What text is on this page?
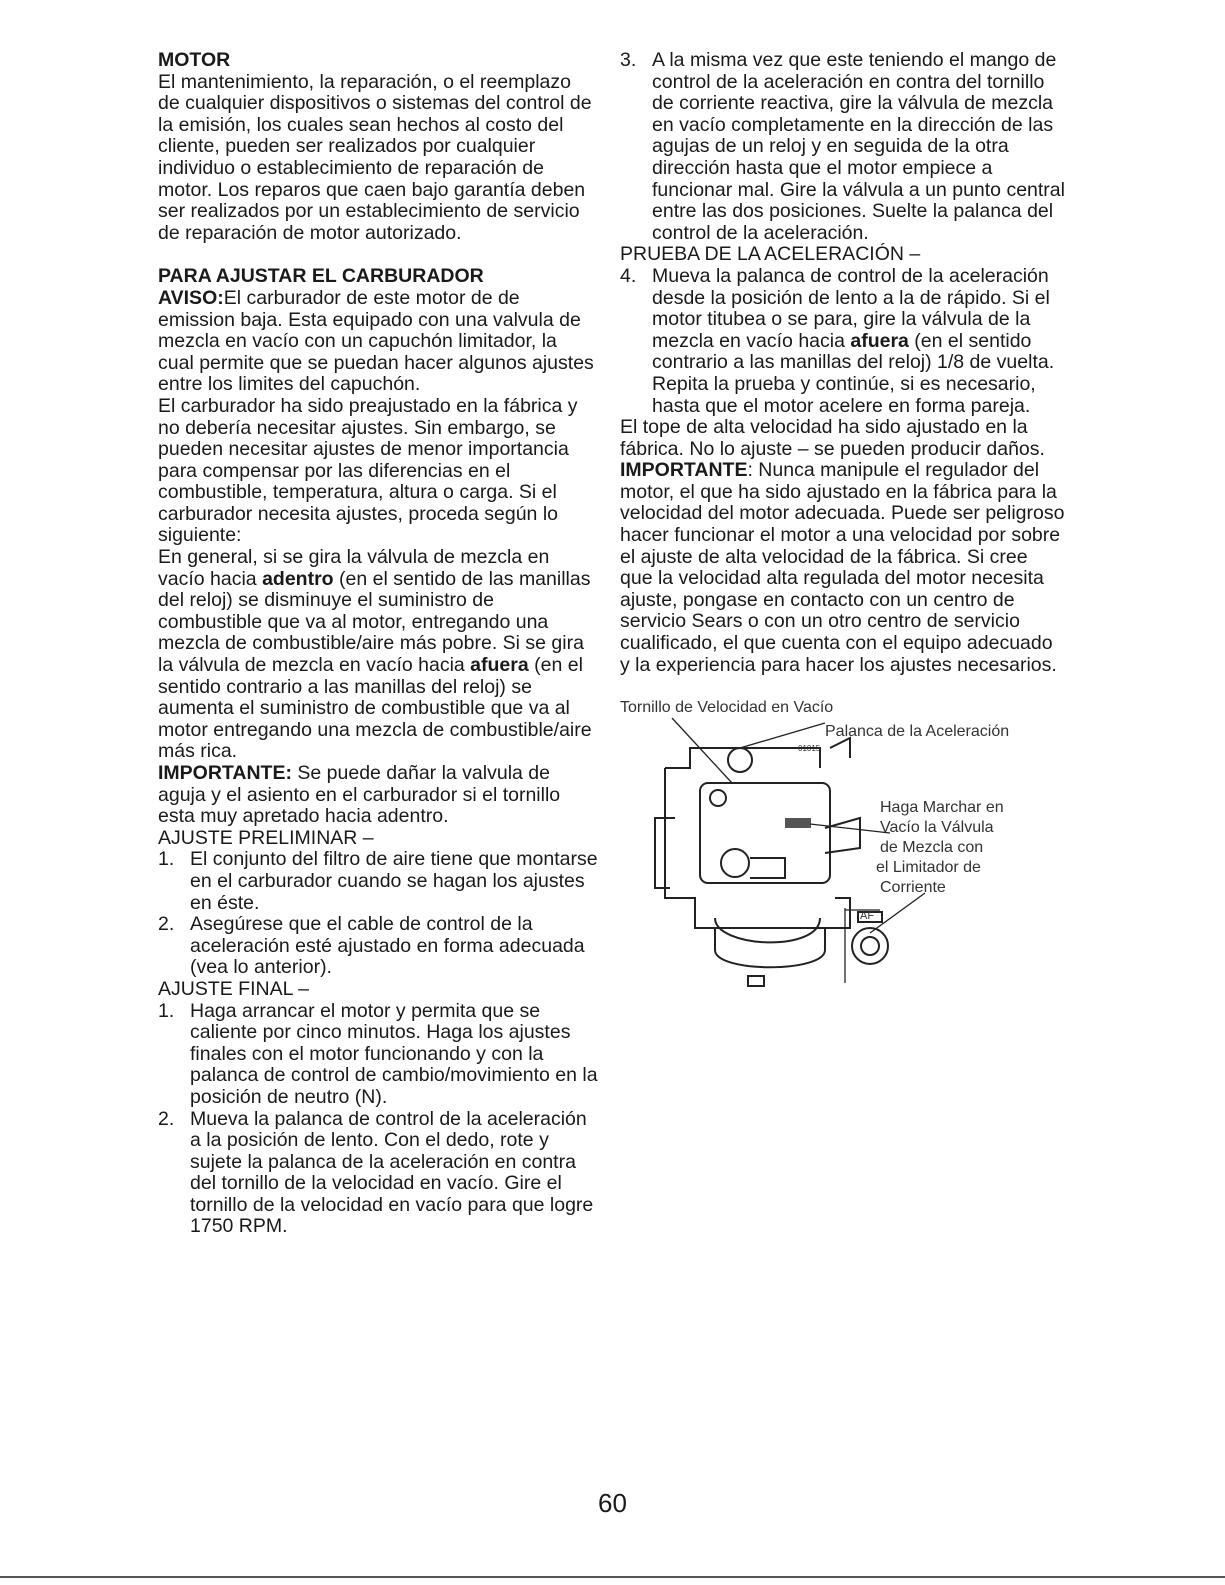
MOTOR

El mantenimiento, la reparación, o el reemplazo de cualquier dispositivos o sistemas del control de la emisión, los cuales sean hechos al costo del cliente, pueden ser realizados por cualquier individuo o establecimiento de reparación de motor. Los reparos que caen bajo garantía deben ser realizados por un establecimiento de servicio de reparación de motor autorizado.

PARA AJUSTAR EL CARBURADOR

AVISO:El carburador de este motor de de emission baja. Esta equipado con una valvula de mezcla en vacío con un capuchón limitador, la cual permite que se puedan hacer algunos ajustes entre los limites del capuchón.

El carburador ha sido preajustado en la fábrica y no debería necesitar ajustes. Sin embargo, se pueden necesitar ajustes de menor importancia para compensar por las diferencias en el combustible, temperatura, altura o carga. Si el carburador necesita ajustes, proceda según lo siguiente:

En general, si se gira la válvula de mezcla en vacío hacia adentro (en el sentido de las manillas del reloj) se disminuye el suministro de combustible que va al motor, entregando una mezcla de combustible/aire más pobre. Si se gira la válvula de mezcla en vacío hacia afuera (en el sentido contrario a las manillas del reloj) se aumenta el suministro de combustible que va al motor entregando una mezcla de combustible/aire más rica.

IMPORTANTE: Se puede dañar la valvula de aguja y el asiento en el carburador si el tornillo esta muy apretado hacia adentro.

AJUSTE PRELIMINAR –

1. El conjunto del filtro de aire tiene que montarse en el carburador cuando se hagan los ajustes en éste.
2. Asegúrese que el cable de control de la aceleración esté ajustado en forma adecuada (vea lo anterior).

AJUSTE FINAL –

1. Haga arrancar el motor y permita que se caliente por cinco minutos. Haga los ajustes finales con el motor funcionando y con la palanca de control de cambio/movimiento en la posición de neutro (N).
2. Mueva la palanca de control de la aceleración a la posición de lento. Con el dedo, rote y sujete la palanca de la aceleración en contra del tornillo de la velocidad en vacío. Gire el tornillo de la velocidad en vacío para que logre 1750 RPM.
3. A la misma vez que este teniendo el mango de control de la aceleración en contra del tornillo de corriente reactiva, gire la válvula de mezcla en vacío completamente en la dirección de las agujas de un reloj y en seguida de la otra dirección hasta que el motor empiece a funcionar mal. Gire la válvula a un punto central entre las dos posiciones. Suelte la palanca del control de la aceleración.

PRUEBA DE LA ACELERACIÓN –

4. Mueva la palanca de control de la aceleración desde la posición de lento a la de rápido. Si el motor titubea o se para, gire la válvula de la mezcla en vacío hacia afuera (en el sentido contrario a las manillas del reloj) 1/8 de vuelta. Repita la prueba y continúe, si es necesario, hasta que el motor acelere en forma pareja.

El tope de alta velocidad ha sido ajustado en la fábrica. No lo ajuste – se pueden producir daños.

IMPORTANTE: Nunca manipule el regulador del motor, el que ha sido ajustado en la fábrica para la velocidad del motor adecuada. Puede ser peligroso hacer funcionar el motor a una velocidad por sobre el ajuste de alta velocidad de la fábrica. Si cree que la velocidad alta regulada del motor necesita ajuste, pongase en contacto con un centro de servicio Sears o con un otro centro de servicio cualificado, el que cuenta con el equipo adecuado y la experiencia para hacer los ajustes necesarios.

Tornillo de Velocidad en Vacío
Palanca de la Aceleración
01015
Haga Marchar en
Vacío la Válvula
de Mezcla con
el Limitador de
Corriente
AF
60
